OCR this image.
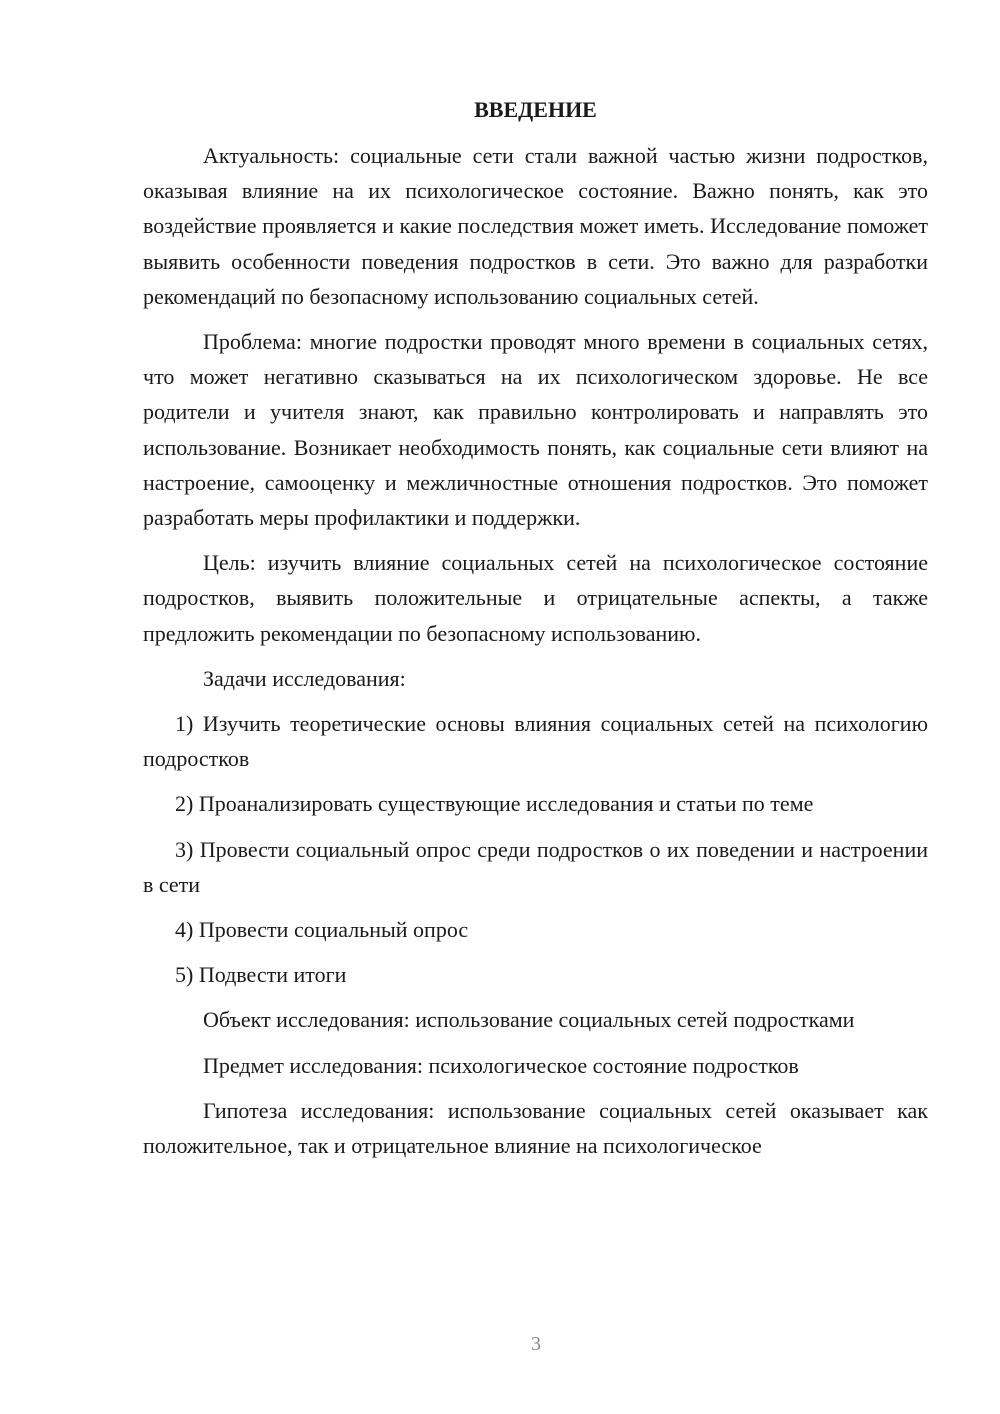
ВВЕДЕНИЕ

Актуальность: социальные сети стали важной частью жизни подростков, оказывая влияние на их психологическое состояние. Важно понять, как это воздействие проявляется и какие последствия может иметь. Исследование поможет выявить особенности поведения подростков в сети. Это важно для разработки рекомендаций по безопасному использованию социальных сетей.

Проблема: многие подростки проводят много времени в социальных сетях, что может негативно сказываться на их психологическом здоровье. Не все родители и учителя знают, как правильно контролировать и направлять это использование. Возникает необходимость понять, как социальные сети влияют на настроение, самооценку и межличностные отношения подростков. Это поможет разработать меры профилактики и поддержки.

Цель: изучить влияние социальных сетей на психологическое состояние подростков, выявить положительные и отрицательные аспекты, а также предложить рекомендации по безопасному использованию.

Задачи исследования:

1) Изучить теоретические основы влияния социальных сетей на психологию подростков

2) Проанализировать существующие исследования и статьи по теме

3) Провести социальный опрос среди подростков о их поведении и настроении в сети

4) Провести социальный опрос

5) Подвести итоги

Объект исследования: использование социальных сетей подростками

Предмет исследования: психологическое состояние подростков

Гипотеза исследования: использование социальных сетей оказывает как положительное, так и отрицательное влияние на психологическое

3
